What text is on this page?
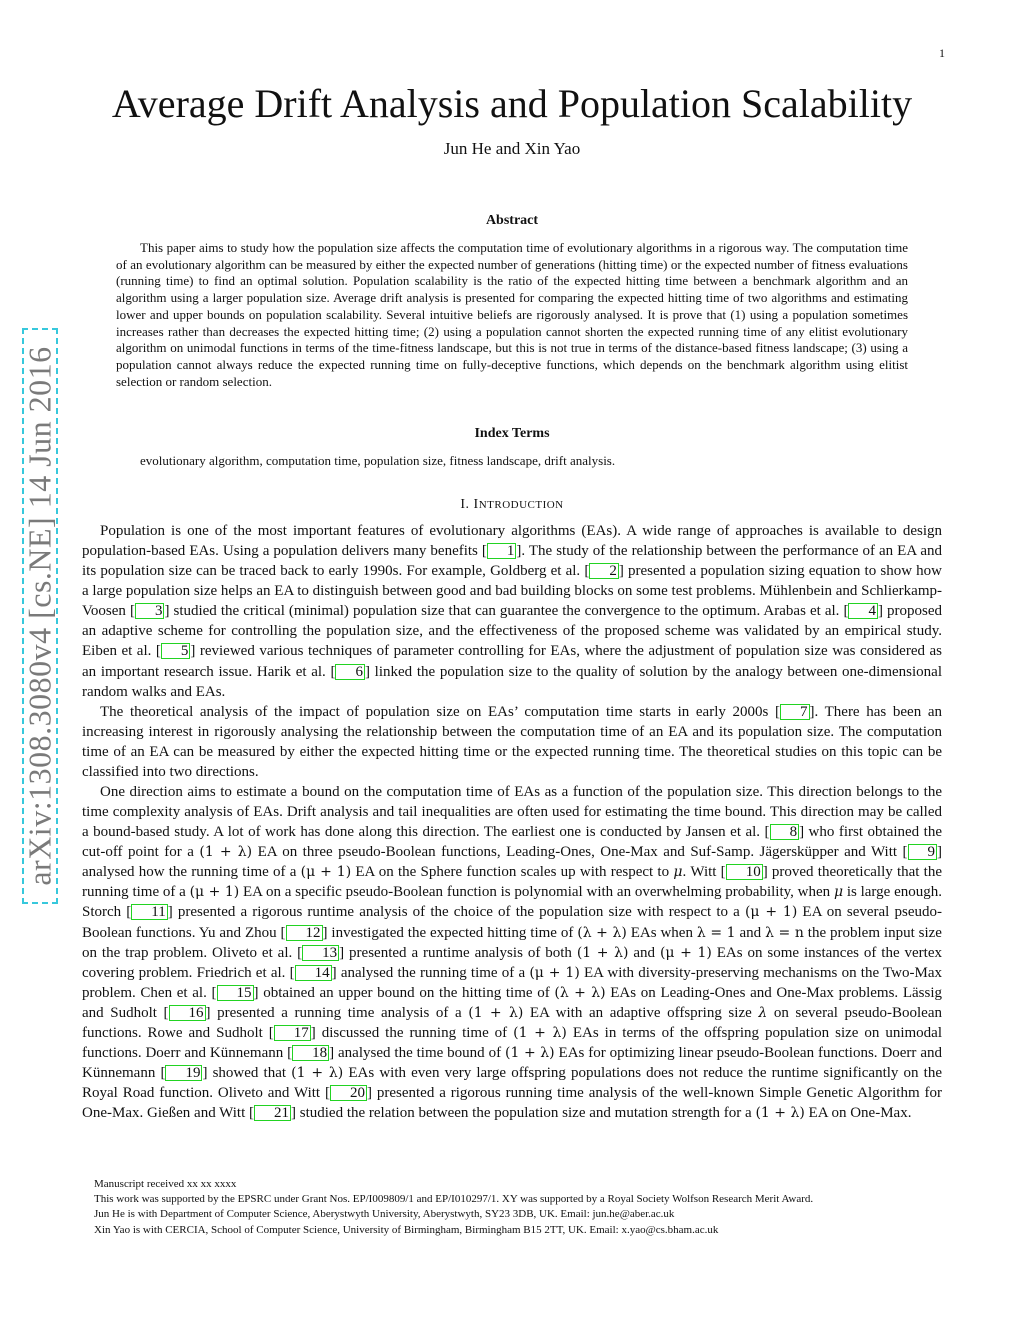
1
arXiv:1308.3080v4 [cs.NE] 14 Jun 2016
Average Drift Analysis and Population Scalability
Jun He and Xin Yao
Abstract

This paper aims to study how the population size affects the computation time of evolutionary algorithms in a rigorous way. The computation time of an evolutionary algorithm can be measured by either the expected number of generations (hitting time) or the expected number of fitness evaluations (running time) to find an optimal solution. Population scalability is the ratio of the expected hitting time between a benchmark algorithm and an algorithm using a larger population size. Average drift analysis is presented for comparing the expected hitting time of two algorithms and estimating lower and upper bounds on population scalability. Several intuitive beliefs are rigorously analysed. It is prove that (1) using a population sometimes increases rather than decreases the expected hitting time; (2) using a population cannot shorten the expected running time of any elitist evolutionary algorithm on unimodal functions in terms of the time-fitness landscape, but this is not true in terms of the distance-based fitness landscape; (3) using a population cannot always reduce the expected running time on fully-deceptive functions, which depends on the benchmark algorithm using elitist selection or random selection.

Index Terms
evolutionary algorithm, computation time, population size, fitness landscape, drift analysis.
I. INTRODUCTION

Population is one of the most important features of evolutionary algorithms (EAs). A wide range of approaches is available to design population-based EAs. Using a population delivers many benefits [ 1 ]. The study of the relationship between the performance of an EA and its population size can be traced back to early 1990s. For example, Goldberg et al. [ 2 ] presented a population sizing equation to show how a large population size helps an EA to distinguish between good and bad building blocks on some test problems. Mühlenbein and Schlierkamp-Voosen [ 3 ] studied the critical (minimal) population size that can guarantee the convergence to the optimum. Arabas et al. [ 4 ] proposed an adaptive scheme for controlling the population size, and the effectiveness of the proposed scheme was validated by an empirical study. Eiben et al. [ 5 ] reviewed various techniques of parameter controlling for EAs, where the adjustment of population size was considered as an important research issue. Harik et al. [ 6 ] linked the population size to the quality of solution by the analogy between one-dimensional random walks and EAs.

The theoretical analysis of the impact of population size on EAs’ computation time starts in early 2000s [ 7 ]. There has been an increasing interest in rigorously analysing the relationship between the computation time of an EA and its population size. The computation time of an EA can be measured by either the expected hitting time or the expected running time. The theoretical studies on this topic can be classified into two directions.

One direction aims to estimate a bound on the computation time of EAs as a function of the population size. This direction belongs to the time complexity analysis of EAs. Drift analysis and tail inequalities are often used for estimating the time bound. This direction may be called a bound-based study. A lot of work has done along this direction. The earliest one is conducted by Jansen et al. [ 8 ] who first obtained the cut-off point for a (1 + λ) EA on three pseudo-Boolean functions, Leading-Ones, One-Max and Suf-Samp. Jägersküpper and Witt [ 9 ] analysed how the running time of a (μ + 1) EA on the Sphere function scales up with respect to μ. Witt [ 10 ] proved theoretically that the running time of a (μ + 1) EA on a specific pseudo-Boolean function is polynomial with an overwhelming probability, when μ is large enough. Storch [ 11 ] presented a rigorous runtime analysis of the choice of the population size with respect to a (μ + 1) EA on several pseudo-Boolean functions. Yu and Zhou [ 12 ] investigated the expected hitting time of (λ + λ) EAs when λ = 1 and λ = n the problem input size on the trap problem. Oliveto et al. [ 13 ] presented a runtime analysis of both (1 + λ) and (μ + 1) EAs on some instances of the vertex covering problem. Friedrich et al. [ 14 ] analysed the running time of a (μ + 1) EA with diversity-preserving mechanisms on the Two-Max problem. Chen et al. [ 15 ] obtained an upper bound on the hitting time of (λ + λ) EAs on Leading-Ones and One-Max problems. Lässig and Sudholt [ 16 ] presented a running time analysis of a (1 + λ) EA with an adaptive offspring size λ on several pseudo-Boolean functions. Rowe and Sudholt [ 17 ] discussed the running time of (1 + λ) EAs in terms of the offspring population size on unimodal functions. Doerr and Künnemann [ 18 ] analysed the time bound of (1 + λ) EAs for optimizing linear pseudo-Boolean functions. Doerr and Künnemann [ 19 ] showed that (1 + λ) EAs with even very large offspring populations does not reduce the runtime significantly on the Royal Road function. Oliveto and Witt [ 20 ] presented a rigorous running time analysis of the well-known Simple Genetic Algorithm for One-Max. Gießen and Witt [ 21 ] studied the relation between the population size and mutation strength for a (1 + λ) EA on One-Max.

Manuscript received xx xx xxxx

This work was supported by the EPSRC under Grant Nos. EP/I009809/1 and EP/I010297/1. XY was supported by a Royal Society Wolfson Research Merit Award.

Jun He is with Department of Computer Science, Aberystwyth University, Aberystwyth, SY23 3DB, UK. Email: jun.he@aber.ac.uk

Xin Yao is with CERCIA, School of Computer Science, University of Birmingham, Birmingham B15 2TT, UK. Email: x.yao@cs.bham.ac.uk
